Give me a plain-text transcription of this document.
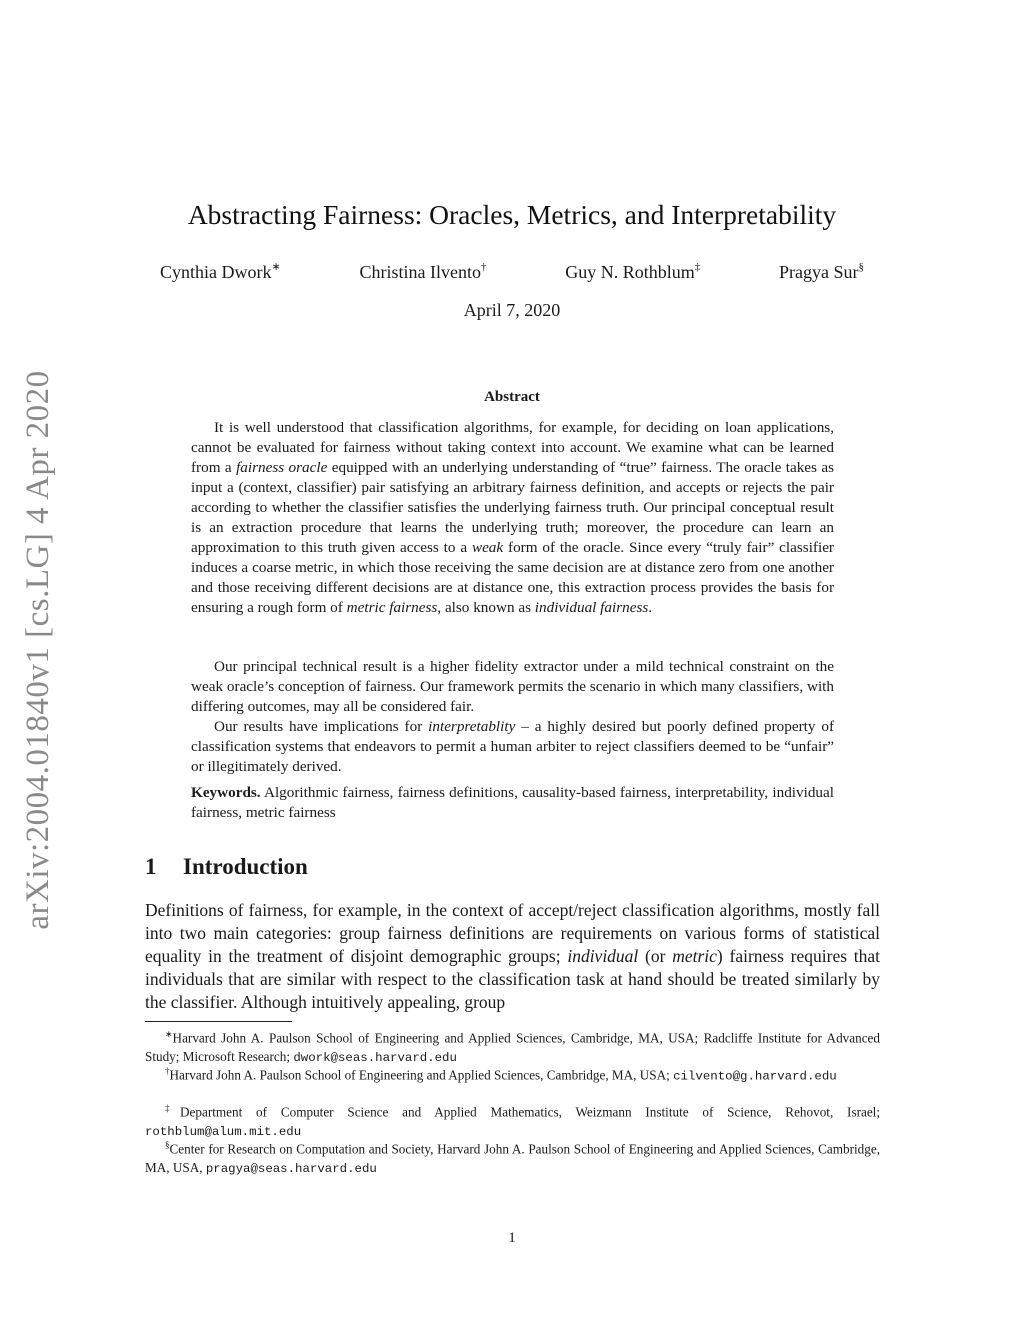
arXiv:2004.01840v1 [cs.LG] 4 Apr 2020
Abstracting Fairness: Oracles, Metrics, and Interpretability
Cynthia Dwork∗	Christina Ilvento†	Guy N. Rothblum‡	Pragya Sur§
April 7, 2020
Abstract

It is well understood that classification algorithms, for example, for deciding on loan applications, cannot be evaluated for fairness without taking context into account. We examine what can be learned from a fairness oracle equipped with an underlying understanding of “true” fairness. The oracle takes as input a (context, classifier) pair satisfying an arbitrary fairness definition, and accepts or rejects the pair according to whether the classifier satisfies the underlying fairness truth. Our principal conceptual result is an extraction procedure that learns the underlying truth; moreover, the procedure can learn an approximation to this truth given access to a weak form of the oracle. Since every “truly fair” classifier induces a coarse metric, in which those receiving the same decision are at distance zero from one another and those receiving different decisions are at distance one, this extraction process provides the basis for ensuring a rough form of metric fairness, also known as individual fairness.

Our principal technical result is a higher fidelity extractor under a mild technical constraint on the weak oracle’s conception of fairness. Our framework permits the scenario in which many classifiers, with differing outcomes, may all be considered fair.

Our results have implications for interpretablity – a highly desired but poorly defined property of classification systems that endeavors to permit a human arbiter to reject classifiers deemed to be “unfair” or illegitimately derived.

Keywords. Algorithmic fairness, fairness definitions, causality-based fairness, interpretability, individual fairness, metric fairness

1 Introduction

Definitions of fairness, for example, in the context of accept/reject classification algorithms, mostly fall into two main categories: group fairness definitions are requirements on various forms of statistical equality in the treatment of disjoint demographic groups; individual (or metric) fairness requires that individuals that are similar with respect to the classification task at hand should be treated similarly by the classifier. Although intuitively appealing, group

∗Harvard John A. Paulson School of Engineering and Applied Sciences, Cambridge, MA, USA; Radcliffe Institute for Advanced Study; Microsoft Research; dwork@seas.harvard.edu

†Harvard John A. Paulson School of Engineering and Applied Sciences, Cambridge, MA, USA; cilvento@g.harvard.edu

‡Department of Computer Science and Applied Mathematics, Weizmann Institute of Science, Rehovot, Israel; rothblum@alum.mit.edu

§Center for Research on Computation and Society, Harvard John A. Paulson School of Engineering and Applied Sciences, Cambridge, MA, USA, pragya@seas.harvard.edu

1
